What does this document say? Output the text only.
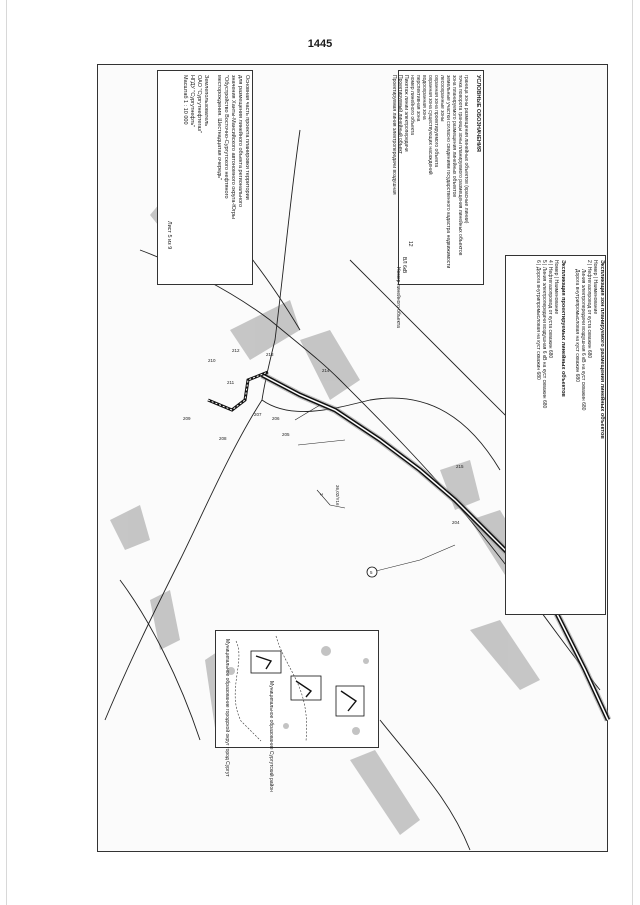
1445
5
2 36,02/Y16
210
211
212
213
214
215
209
208
207
206
205
204
Основная часть проекта планировки территории
для размещения линейного объекта регионального
значения Ханты-Мансийского автономного округа-Югры
"Обустройство Восточно-Сургутского нефтяного
месторождения. Шестнадцатая очередь"
Землепользователь
ОАО "Сургутнефтегаз"
НГДУ "Сургутнефть"
Масштаб 1 : 10 000
Лист 5 из 9
УСЛОВНЫЕ ОБОЗНАЧЕНИЯ
граница зоны размещения линейных объектов (красные линии)
точка поворота границы зоны планируемого размещения линейных объектов
зона планируемого размещения линейных объектов
земельные участки согласно сведениям государственного кадастра недвижимости
лесоохранные зоны
охранная зона проектируемого объекта
охранная зона существующих насаждений
водоохранная зона
перспективная зона
номер линейного объекта
Пикетаж линии электропередачи
Проектируемый линейный объект
Проектируемая линия электропередачи воздушная
12
ВЛ 6кВ
Номер линейного объекта	Экспликация зон планируемого размещения линейных объектов
Номер | Наименование
2 | Нефтегазопровод от куста скважин 680
Линия электропередачи воздушная 6 кВ на куст скважин 680
Дорога внутрипромысловая на куст скважин 680
Экспликация проектируемых линейных объектов
Номер | Наименование
4 | Нефтегазопровод от куста скважин 680
5 | Линия электропередачи воздушная 6 кВ на куст скважин 680
6 | Дорога внутрипромысловая на куст скважин 680
Муниципальное образование Сургутский район
Муниципальное образование городской округ город Сургут
